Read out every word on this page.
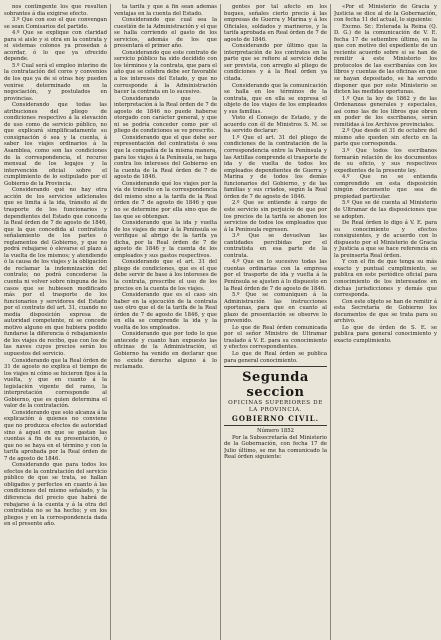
nos contingente los que resulten sobrantes á dia exigirse efecto.

3.º Que con eso el que convengan se sean Comisarios del partido.

4.º Que se explique con claridad para si aisle y si otra en la contrata y si sistemas colonos ya prosedan á acordar, ó lo que ya ofrecido depende.

5.º Cual será el empleo interino de la contratación del coros y convenios de los que ya de si otras hoy pueden venirse determinado en la negociación, y postulados en provincias.

Considerando que todas las atribuciones del pliego de condiciones respectivo á la elevación de uso como de servicio público, no que explicará simplificadamente su consignación ó sea y la cuenta, á saber los viajes ordinarios á la Asamblea, como son las condiciones de la correspondencia, el recurso mensual de los legajos y la intervención oficial sobre el cumplimiento de lo estipulado por el Gobierno de la Provincia.

Considerando qué no hay otra acción de los servicios adicionales que se limita á la ida, tránsito al de trasporte de los funcionarios y dependientes del Estado que conceda la Real órden de 7 de agosto de 1846, que la que concedida al contratista señalamiento de los partes ó reglamentos del Gobierno, y que no podrá rebajarse ó elevarse el plazo á la vuelta de los mismos; y atendiendo ó la causa de los viajes y la obligación de reclamar la indemnización del contrato; no podrá concederse la cuenta ni volver sobre ninguna de los casos que se hubiesen modificado más por el trasporte de los funcionarios y servidores del Estado por el contrato del art. 31, cuando no media disposición expresa de autoridad competente, ni se concede motivo alguno en que hubiera podido fundarse la diferencia ó rebajamiento de los viajes de recibo, que con los de las naves cuyos precios serán los supuestos del servicio.

Considerando que la Real órden de 31 de agosto no explica el tiempo de los viajes ni cómo se hicieron fijos á la vuelta, y que en cuanto á la legislación vigente del ramo, la interpretación corresponde al Gobierno, que es quien determina el valor de la contratación.

Considerando que solo alcanza á la explicación á quienes no conviene que no produzca efectos de autoridad sino á aquel en que se gastan las cuentas á fin de su presentación, ó que no se haya en el término y con la tarifa aprobada por la Real órden de 7 de agosto de 1846.

Considerando que para todos los efectos de la contratación del servicio público de que se trata, se hallan obligados y perfectos en cuanto á las condiciones del mismo señalado, y la diferencia del precio que habrá de rebajarse á la cuenta y á la otra del contratista no se ha hecho; y en los pliegos y en la correspondencia dada en el presente año.

ta tarifa y que á fin sean además ventajas en la cuenta del Estado.

Considerando que cual sea la cuestión de la Administración y el que se halla corriendo el gasto de los servicios, además de los que presentará el primer año.

Considerando que este contrato de servicio público ha sido decidido con los términos y la contrata, que para el año que se celebra debe ser favorable a los intereses del Estado, y que no corresponde á la Administración hacer la contrata en lo sucesivo.

Considerando que la interpretación á la Real órden de 7 de agosto de 1846 no puede haberse otorgado con carácter general, y que ni se podría conceder como por el pliego de condiciones se ve prescrito.

Considerando que el que debe ser representación del contratista ó sea que la compañía de la misma manera, para los viajes á la Península, se haga contra los intereses del Gobierno en la cuenta de la Real órden de 7 de agosto de 1846.

Considerando qué los viajes por la vía de tránsito en la correspondencia del mismo sino a la tarifa de la Real órden de 7 de agosto de 1846 y que no se determine por ella sino que de las que se obtengan.

Considerando que la ida y vuelta de los viajes de mar á la Península se verifique al abrigo de la tarifa ya dicha, por la Real órden de 7 de agosto de 1846 y la cuenta de los empleados y sus gastos respectivos.

Considerando que el art. 31 del pliego de condiciones, que es el que debe servir de base á los intereses de la contrata, prescribe el uso de los precios en la cuenta de los viajes.

Considerando que es el caso sin haber en la ejecución de la contrata uso otro que el de la tarifa de la Real órden de 7 de agosto de 1846, y que en ella se comprende la ida y la vuelta de los empleados.

Considerando que por todo lo que antecede y cuanto han expuesto las oficinas de la Administración, el Gobierno ha venido en declarar que no existe derecho alguno á lo reclamado.

gentes por tal afecto en los buques, señales cierto precio á las empresas de Guerra y Marina y á los Oficiales, soldados y marineros, y la tarifa aprobada en Real órden de 7 de agosto de 1846.

Considerando por último que la interpretación de los contratos en la parte que se refiere al servicio debe ser prevista, con arreglo al pliego de condiciones y á la Real órden ya citada.

Considerando que la comunicación se halla en los términos de la contrata, que en ella se expresa el objeto de los viajes de los empleados y sus familias.

Visto el Consejo de Estado, y de acuerdo con él de Ministros S. M. se ha servido declarar:

1.º Que el art. 31 del pliego de condiciones de la contratación de la correspondencia entre la Península y las Antillas comprende el trasporte de ida y de vuelta de todos los empleados dependientes de Guerra y Marina y de todos los demás funcionarios del Gobierno, y de las familias y sus criados, según la Real órden de 7 de agosto de 1846.

2.º Que se entiende á cargo de este servicio sin perjuicio de que por los precios de la tarifa se abonen los servicios de todos los empleados que á la Península regresen.

3.º Que se devuelvan las cantidades percibidas por el contratista en esa parte de la contrata.

4.º Que en lo sucesivo todas las cuentas ordinarias con la empresa por el trasporte de ida y vuelta á la Península se ajusten á lo dispuesto en la Real órden de 7 de agosto de 1846.

5.º Que se comuniquen á la Administración las instrucciones oportunas, para que en cuanto al plazo de presentación se observe lo prevenido.

Lo que de Real órden comunicada por el señor Ministro de Ultramar traslado á V. E. para su conocimiento y efectos correspondientes.

Lo que de Real órden se publica para general conocimiento.

Segunda seccion
OFICINAS SUPERIORES DE LA PROVINCIA.
GOBIERNO CIVIL.

Número 1852

Por la Subsecretaría del Ministerio de la Gobernación, con fecha 17 de Julio último, se me ha comunicado la Real órden siguiente:

«Por el Ministerio de Gracia y Justicia se dice al de la Gobernación, con fecha 11 del actual, lo siguiente:

Excmo. Sr.: Enterada la Reina (Q. D. G.) de la comunicación de V. E. fecha 17 de setiembre último, en la que con motivo del expediente de un reciente acuerdo sobre si se han de remitir á este Ministerio los protocolos de las escribanías con los libros y cuentas de las oficinas en que se hayan depositado, se ha servido disponer que por este Ministerio se dicten las medidas oportunas.

1.º Que la ley de 1862 y de las Ordenanzas generales y especiales, así como las de los libros que obren en poder de los escribanos, serán remitidas á los Archivos provinciales.

2.º Que desde el 31 de octubre del mismo año queden sin efecto en la parte que corresponda.

3.º Que todos los escribanos formarán relación de los documentos de su oficio, y sus respectivos expedientes de la presente ley.

4.º Que no se entienda comprendido en esta disposición ningún documento que sea de propiedad particular.

5.º Que se dé cuenta al Ministerio de Ultramar de las disposiciones que se adopten.

De Real órden lo digo á V. E. para su conocimiento y efectos consiguientes, y de acuerdo con lo dispuesto por el Ministerio de Gracia y Justicia a que se hace referencia en la preinserta Real órden.

Y con el fin de que tenga su más exacto y puntual cumplimiento, se publica en este periódico oficial para conocimiento de los interesados en dichas jurisdicciones y demás que corresponda.

Con este objeto se han de remitir á esta Secretaría de Gobierno los documentos de que se trata para su archivo.

Lo que de órden de S. E. se publica para general conocimiento y exacto cumplimiento.
